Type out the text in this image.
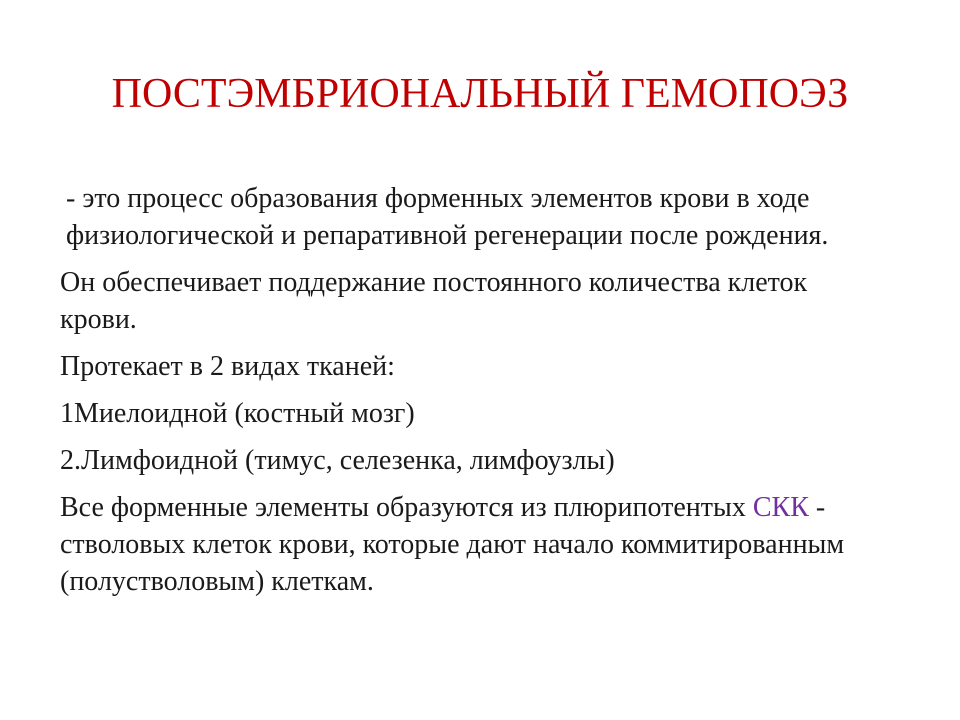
ПОСТЭМБРИОНАЛЬНЫЙ ГЕМОПОЭЗ

- это процесс образования форменных элементов крови в ходе физиологической и репаративной регенерации после рождения.

Он обеспечивает поддержание постоянного количества клеток крови.

Протекает в 2 видах тканей:

1Миелоидной (костный мозг)

2.Лимфоидной (тимус, селезенка, лимфоузлы)

Все форменные элементы образуются из плюрипотентых СКК - стволовых клеток крови, которые дают начало коммитированным (полустволовым) клеткам.
